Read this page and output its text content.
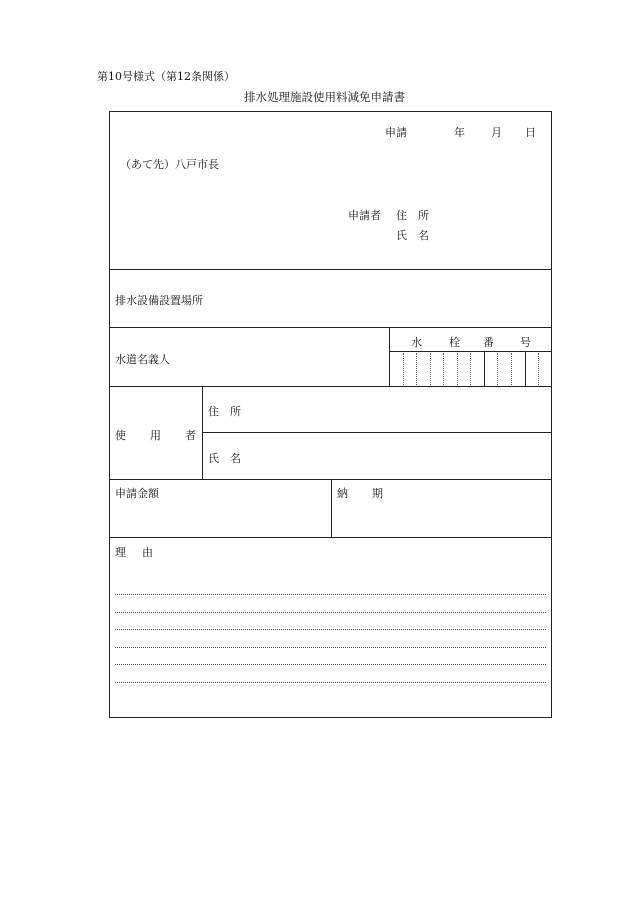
第10号様式（第12条関係）
排水処理施設使用料減免申請書
申請	年 月 日
（あて先）八戸市長
申請者 住　所
氏　名
排水設備設置場所
水道名義人
水 栓 番 号
使 用 者
住　所
氏　名
申請金額	納 期
理 由
